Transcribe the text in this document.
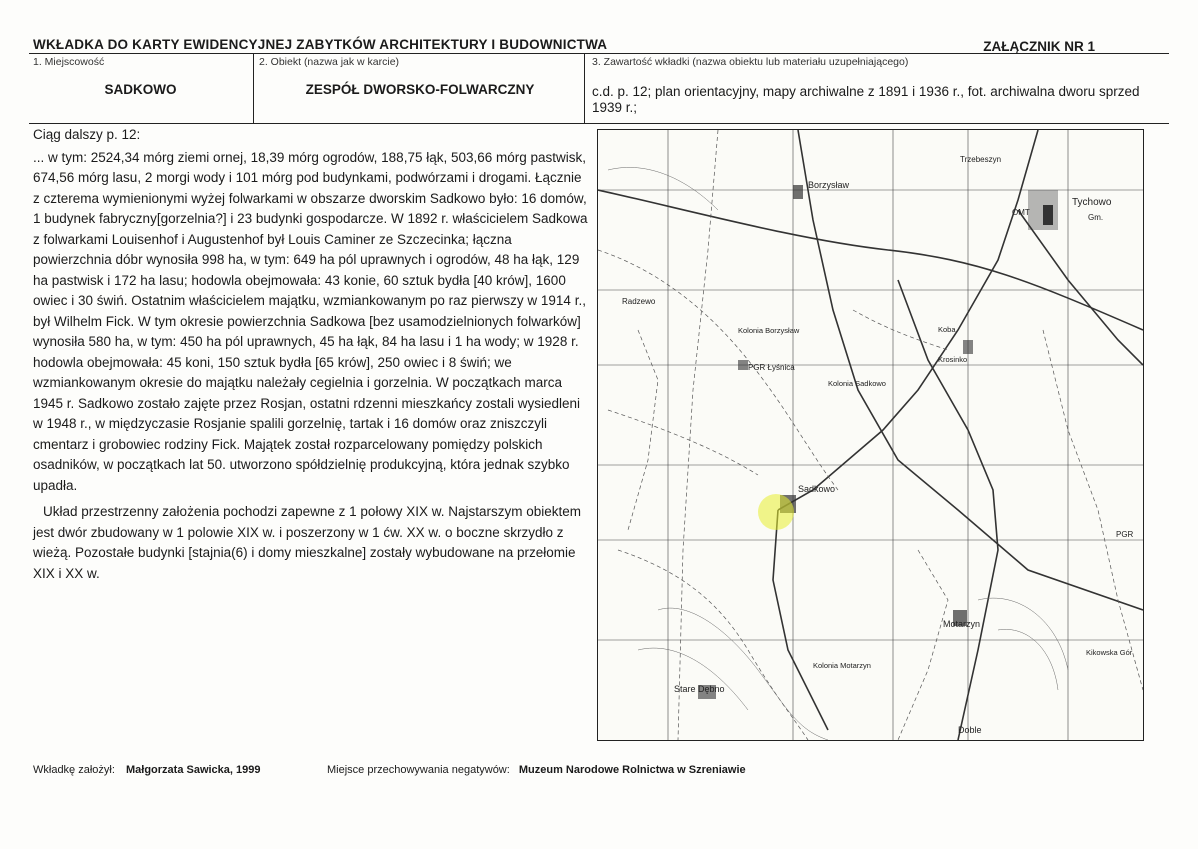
WKŁADKA DO KARTY EWIDENCYJNEJ ZABYTKÓW ARCHITEKTURY I BUDOWNICTWA	ZAŁĄCZNIK NR 1
1. Miejscowość
SADKOWO
2. Obiekt (nazwa jak w karcie)
ZESPÓŁ DWORSKO-FOLWARCZNY
3. Zawartość wkładki (nazwa obiektu lub materiału uzupełniającego)
c.d. p. 12; plan orientacyjny, mapy archiwalne z 1891 i 1936 r., fot. archiwalna dworu sprzed 1939 r.;

Ciąg dalszy p. 12:

... w tym: 2524,34 mórg ziemi ornej, 18,39 mórg ogrodów, 188,75 łąk, 503,66 mórg pastwisk, 674,56 mórg lasu, 2 morgi wody i 101 mórg pod budynkami, podwórzami i drogami. Łącznie z czterema wymienionymi wyżej folwarkami w obszarze dworskim Sadkowo było: 16 domów, 1 budynek fabryczny[gorzelnia?] i 23 budynki gospodarcze. W 1892 r. właścicielem Sadkowa z folwarkami Louisenhof i Augustenhof był Louis Caminer ze Szczecinka; łączna powierzchnia dóbr wynosiła 998 ha, w tym: 649 ha pól uprawnych i ogrodów, 48 ha łąk, 129 ha pastwisk i 172 ha lasu; hodowla obejmowała: 43 konie, 60 sztuk bydła [40 krów], 1600 owiec i 30 świń. Ostatnim właścicielem majątku, wzmiankowanym po raz pierwszy w 1914 r., był Wilhelm Fick. W tym okresie powierzchnia Sadkowa [bez usamodzielnionych folwarków] wynosiła 580 ha, w tym: 450 ha pól uprawnych, 45 ha łąk, 84 ha lasu i 1 ha wody; w 1928 r. hodowla obejmowała: 45 koni, 150 sztuk bydła [65 krów], 250 owiec i 8 świń; we wzmiankowanym okresie do majątku należały cegielnia i gorzelnia. W początkach marca 1945 r. Sadkowo zostało zajęte przez Rosjan, ostatni rdzenni mieszkańcy zostali wysiedleni w 1948 r., w międzyczasie Rosjanie spalili gorzelnię, tartak i 16 domów oraz zniszczyli cmentarz i grobowiec rodziny Fick. Majątek został rozparcelowany pomiędzy polskich osadników, w początkach lat 50. utworzono spółdzielnię produkcyjną, która jednak szybko upadła.

Układ przestrzenny założenia pochodzi zapewne z 1 połowy XIX w. Najstarszym obiektem jest dwór zbudowany w 1 polowie XIX w. i poszerzony w 1 ćw. XX w. o boczne skrzydło z wieżą. Pozostałe budynki [stajnia(6) i domy mieszkalne] zostały wybudowane na przełomie XIX i XX w.

Tychowo
Gm.
Borzysław
Kolonia Borzysław
Trzebeszyn
Radzewo
PGR Łyśnica
Kolonia Sadkowo
Sadkowo
Motarzyn
Kolonia Motarzyn
Stare Dębno
Doble
Krosinko
Koba
Kikowska Gór
PGR
OMT
Wkładkę założył: Małgorzata Sawicka, 1999	Miejsce przechowywania negatywów: Muzeum Narodowe Rolnictwa w Szreniawie
